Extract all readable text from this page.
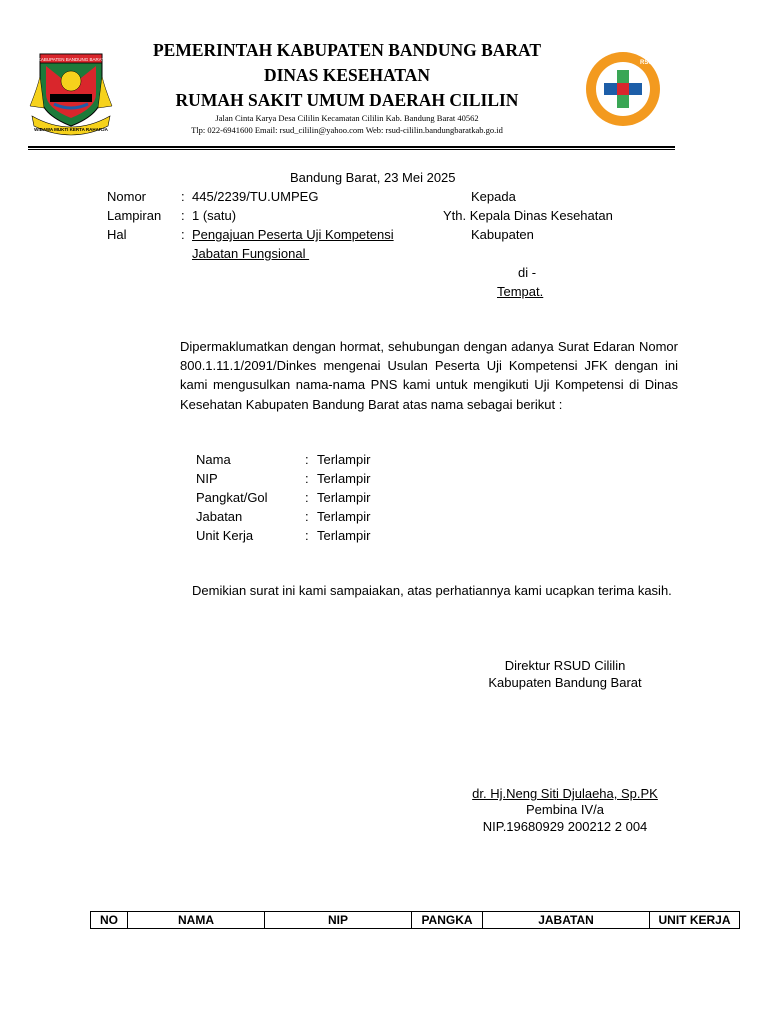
KABUPATEN BANDUNG BARAT
WIBAWA MUKTI KERTA RAHARJA
RSUD CILILIN
PEMERINTAH KABUPATEN BANDUNG BARAT
DINAS KESEHATAN
RUMAH SAKIT UMUM DAERAH CILILIN
Jalan Cinta Karya Desa Cililin Kecamatan Cililin Kab. Bandung Barat 40562
Tlp: 022-6941600 Email: rsud_cililin@yahoo.com Web: rsud-cililin.bandungbaratkab.go.id
Bandung Barat, 23 Mei 2025
Nomor	: 445/2239/TU.UMPEG
Lampiran : 1 (satu)
Hal	: Pengajuan Peserta Uji Kompetensi
Jabatan Fungsional
Kepada
Yth. Kepala Dinas Kesehatan
Kabupaten
di -
Tempat.
Dipermaklumatkan dengan hormat, sehubungan dengan adanya Surat Edaran Nomor 800.1.11.1/2091/Dinkes mengenai Usulan Peserta Uji Kompetensi JFK dengan ini kami mengusulkan nama-nama PNS kami untuk mengikuti Uji Kompetensi di Dinas Kesehatan Kabupaten Bandung Barat atas nama sebagai berikut :
Nama	: Terlampir
NIP	: Terlampir
Pangkat/Gol	: Terlampir
Jabatan	: Terlampir
Unit Kerja	: Terlampir
Demikian surat ini kami sampaiakan, atas perhatiannya kami ucapkan terima kasih.
Direktur RSUD Cililin
Kabupaten Bandung Barat
dr. Hj.Neng Siti Djulaeha, Sp.PK
Pembina IV/a
NIP.19680929 200212 2 004
NO	NAMA	NIP	PANGKA	JABATAN	UNIT KERJA
